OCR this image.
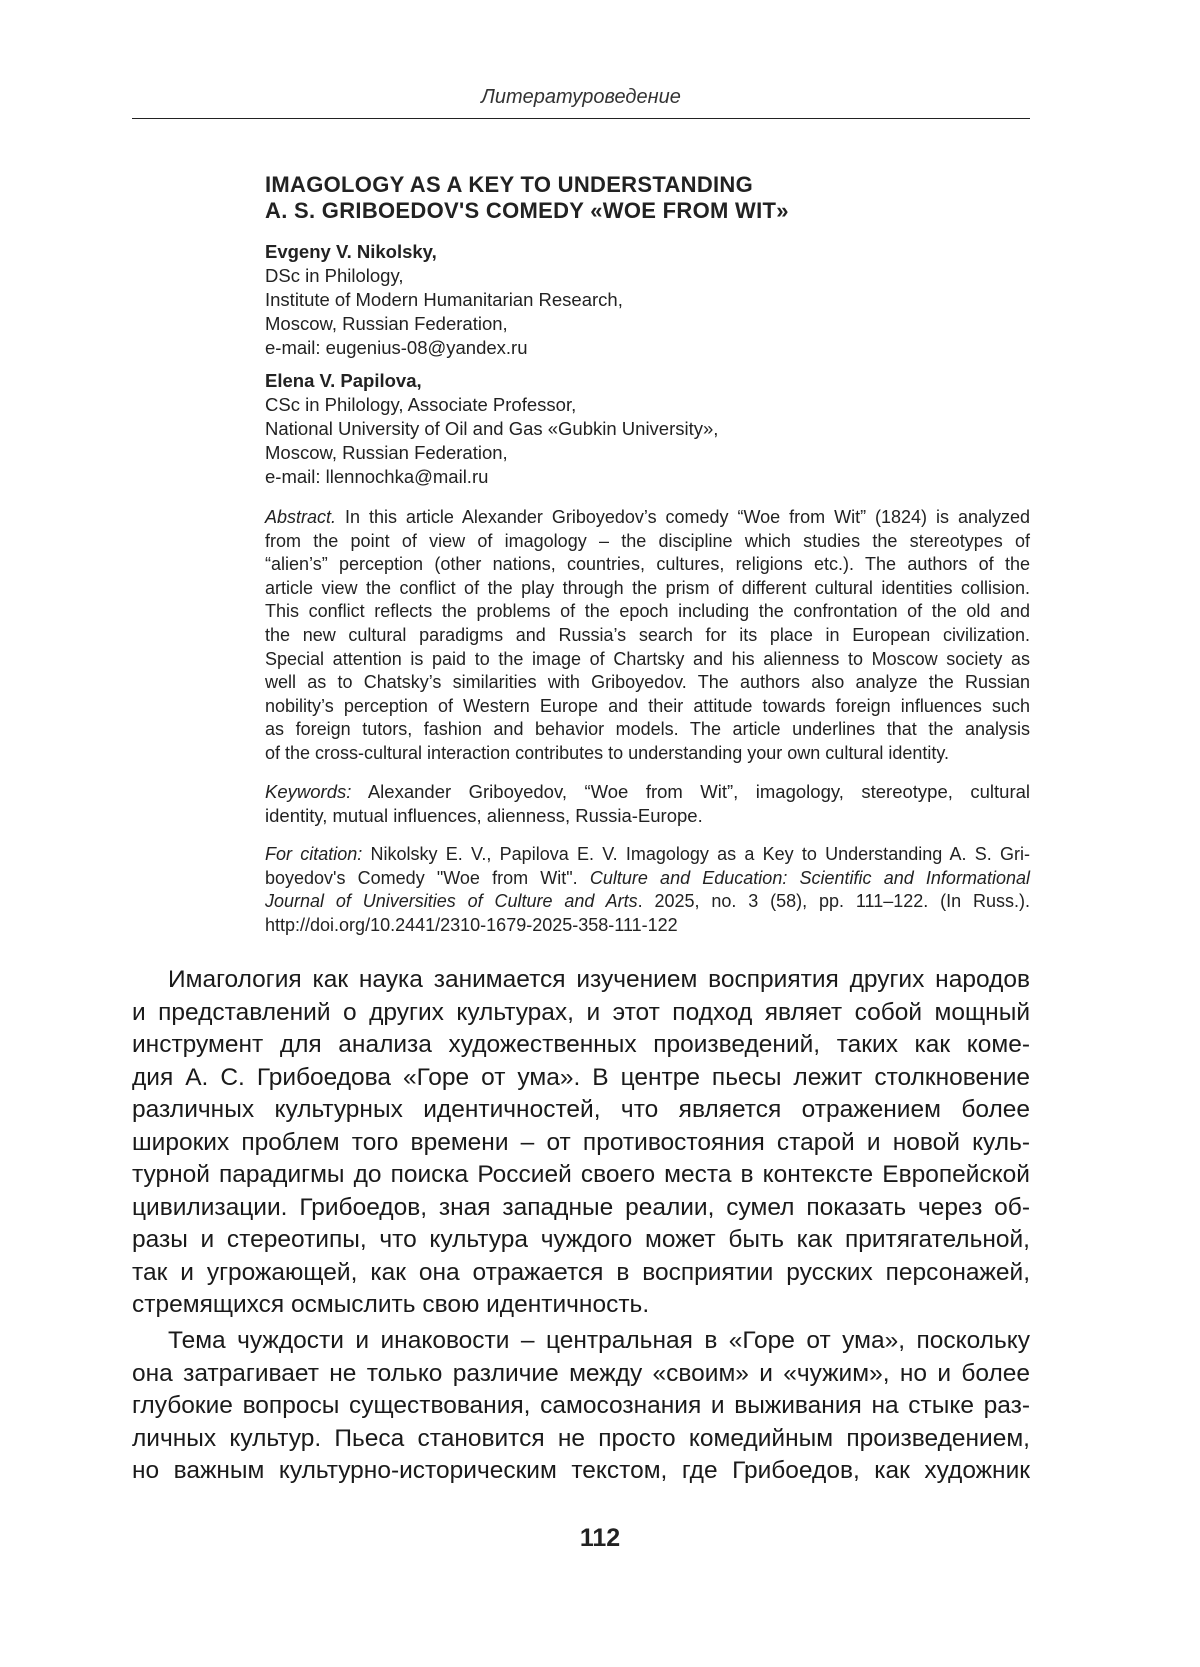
Литературоведение
IMAGOLOGY AS A KEY TO UNDERSTANDING
A. S. GRIBOEDOV'S COMEDY «WOE FROM WIT»
Evgeny V. Nikolsky,
DSc in Philology,
Institute of Modern Humanitarian Research,
Moscow, Russian Federation,
e-mail: eugenius-08@yandex.ru
Elena V. Papilova,
CSc in Philology, Associate Professor,
National University of Oil and Gas «Gubkin University»,
Moscow, Russian Federation,
e-mail: llennochka@mail.ru
Abstract. In this article Alexander Griboyedov’s comedy “Woe from Wit” (1824) is analyzed
from the point of view of imagology – the discipline which studies the stereotypes of
“alien’s” perception (other nations, countries, cultures, religions etc.). The authors of the
article view the conflict of the play through the prism of different cultural identities collision.
This conflict reflects the problems of the epoch including the confrontation of the old and
the new cultural paradigms and Russia’s search for its place in European civilization.
Special attention is paid to the image of Chartsky and his alienness to Moscow society as
well as to Chatsky’s similarities with Griboyedov. The authors also analyze the Russian
nobility’s perception of Western Europe and their attitude towards foreign influences such
as foreign tutors, fashion and behavior models. The article underlines that the analysis
of the cross-cultural interaction contributes to understanding your own cultural identity.
Keywords: Alexander Griboyedov, “Woe from Wit”, imagology, stereotype, cultural
identity, mutual influences, alienness, Russia-Europe.
For citation: Nikolsky E. V., Papilova E. V. Imagology as a Key to Understanding A. S. Gri-
boyedov's Comedy "Woe from Wit". Culture and Education: Scientific and Informational
Journal of Universities of Culture and Arts. 2025, no. 3 (58), pp. 111–122. (In Russ.).
http://doi.org/10.2441/2310-1679-2025-358-111-122
Имагология как наука занимается изучением восприятия других народов
и представлений о других культурах, и этот подход являет собой мощный
инструмент для анализа художественных произведений, таких как коме-
дия А. С. Грибоедова «Горе от ума». В центре пьесы лежит столкновение
различных культурных идентичностей, что является отражением более
широких проблем того времени – от противостояния старой и новой куль-
турной парадигмы до поиска Россией своего места в контексте Европейской
цивилизации. Грибоедов, зная западные реалии, сумел показать через об-
разы и стереотипы, что культура чуждого может быть как притягательной,
так и угрожающей, как она отражается в восприятии русских персонажей,
стремящихся осмыслить свою идентичность.
Тема чуждости и инаковости – центральная в «Горе от ума», поскольку
она затрагивает не только различие между «своим» и «чужим», но и более
глубокие вопросы существования, самосознания и выживания на стыке раз-
личных культур. Пьеса становится не просто комедийным произведением,
но важным культурно-историческим текстом, где Грибоедов, как художник
112
